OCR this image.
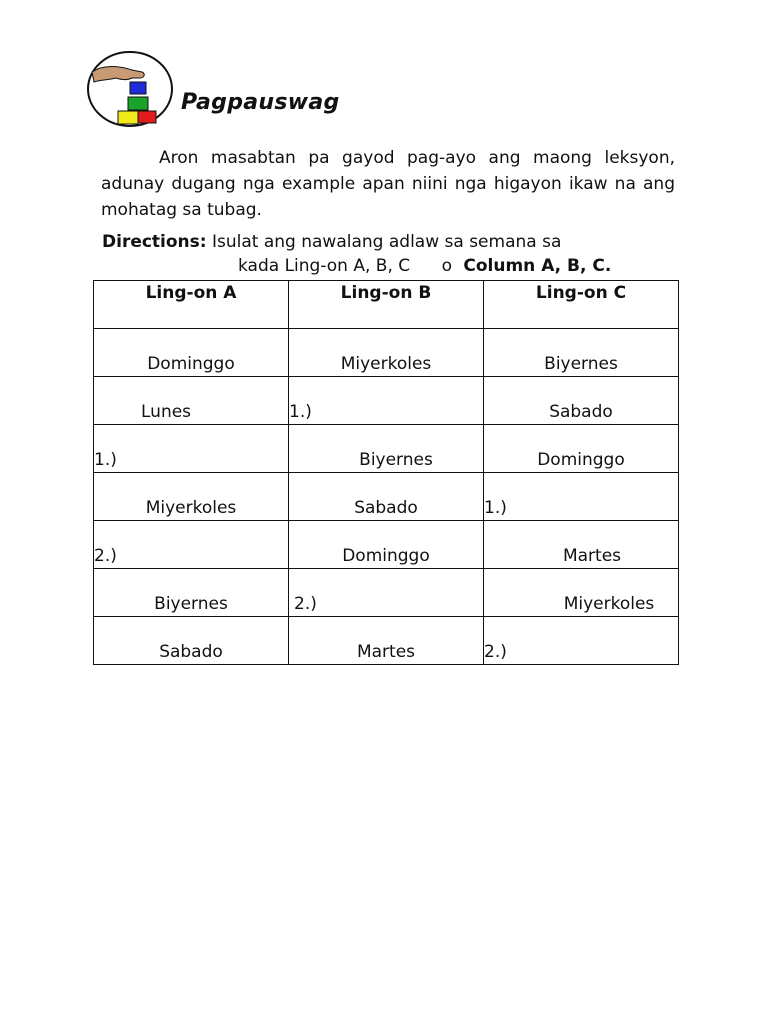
Pagpauswag

Aron masabtan pa gayod pag-ayo ang maong leksyon, adunay dugang nga example apan niini nga higayon ikaw na ang mohatag sa tubag.

Directions: Isulat ang nawalang adlaw sa semana sa
kada Ling-on A, B, C o Column A, B, C.
Ling-on A	Ling-on B	Ling-on C

Dominggo	Miyerkoles	Biyernes

Lunes	1.)	Sabado

1.)	Biyernes	Dominggo

Miyerkoles	Sabado	1.)

2.)	Dominggo	Martes

Biyernes	2.)	Miyerkoles

Sabado	Martes	2.)
